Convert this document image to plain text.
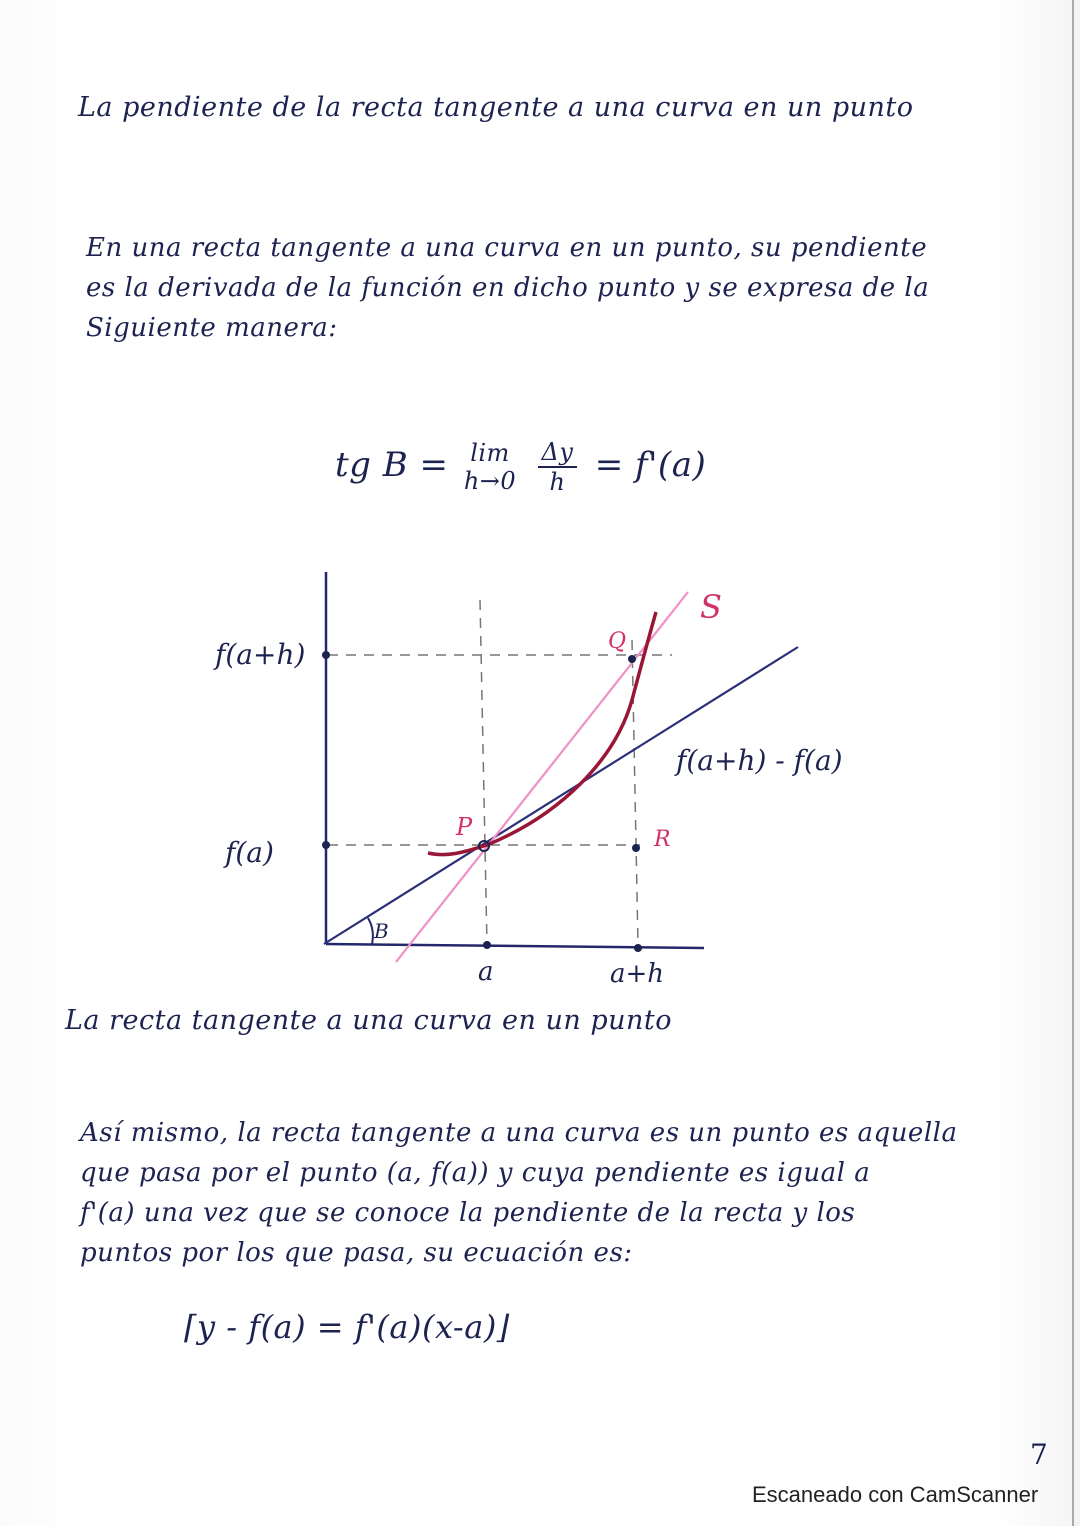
La pendiente de la recta tangente a una curva en un punto
En una recta tangente a una curva en un punto, su pendiente
es la derivada de la función en dicho punto y se expresa de la
Siguiente manera:
tg B = lim
h→0
$\frac{\Delta y}{h} = f'(a)$
f(a+h)
f(a)
a	a+h
P
Q
R
S
f(a+h) - f(a)
B
La recta tangente a una curva en un punto
Así mismo, la recta tangente a una curva es un punto es aquella
que pasa por el punto (a, f(a)) y cuya pendiente es igual a
f'(a) una vez que se conoce la pendiente de la recta y los
puntos por los que pasa, su ecuación es:
⌈y - f(a) = f'(a)(x-a)⌋
7
Escaneado con CamScanner
